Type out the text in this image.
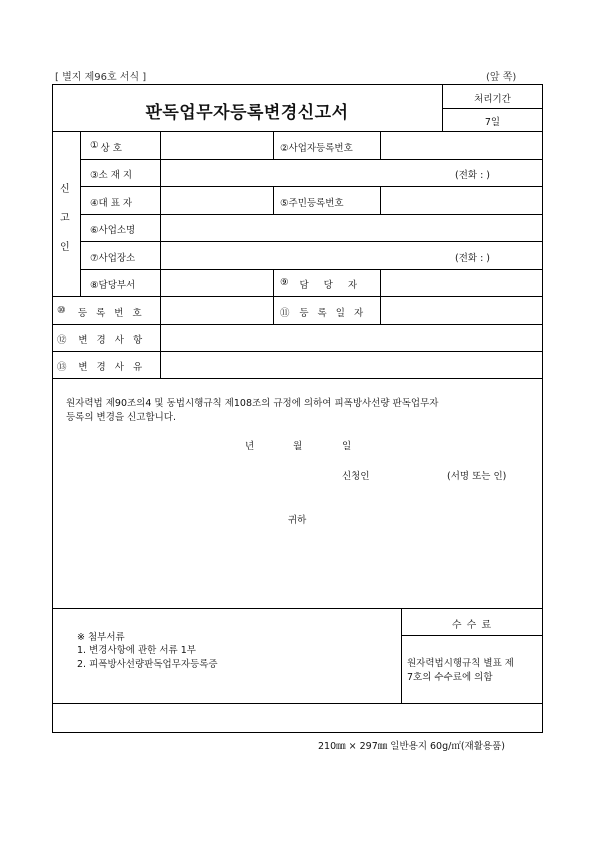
[ 별지 제96호 서식 ]	(앞 쪽)
판독업무자등록변경신고서
처리기간
7일
신
고
인
① 상 호	②사업자등록번호
③소 재 지	(전화 : )
④대 표 자	⑤주민등록번호
⑥사업소명
⑦사업장소	(전화 : )
⑧담당부서	⑨	담 당 자
⑩	등 록 번 호	⑪	등 록 일 자
⑫	변 경 사 항
⑬	변 경 사 유
원자력법 제90조의4 및 동법시행규칙 제108조의 규정에 의하여 피폭방사선량 판독업무자
등록의 변경을 신고합니다.
년	월	일
신청인	(서명 또는 인)
귀하
※ 첨부서류
1. 변경사항에 관한 서류 1부
2. 피폭방사선량판독업무자등록증
수 수 료
원자력법시행규칙 별표 제
7호의 수수료에 의함
210㎜ × 297㎜ 일반용지 60g/㎡(재활용품)
